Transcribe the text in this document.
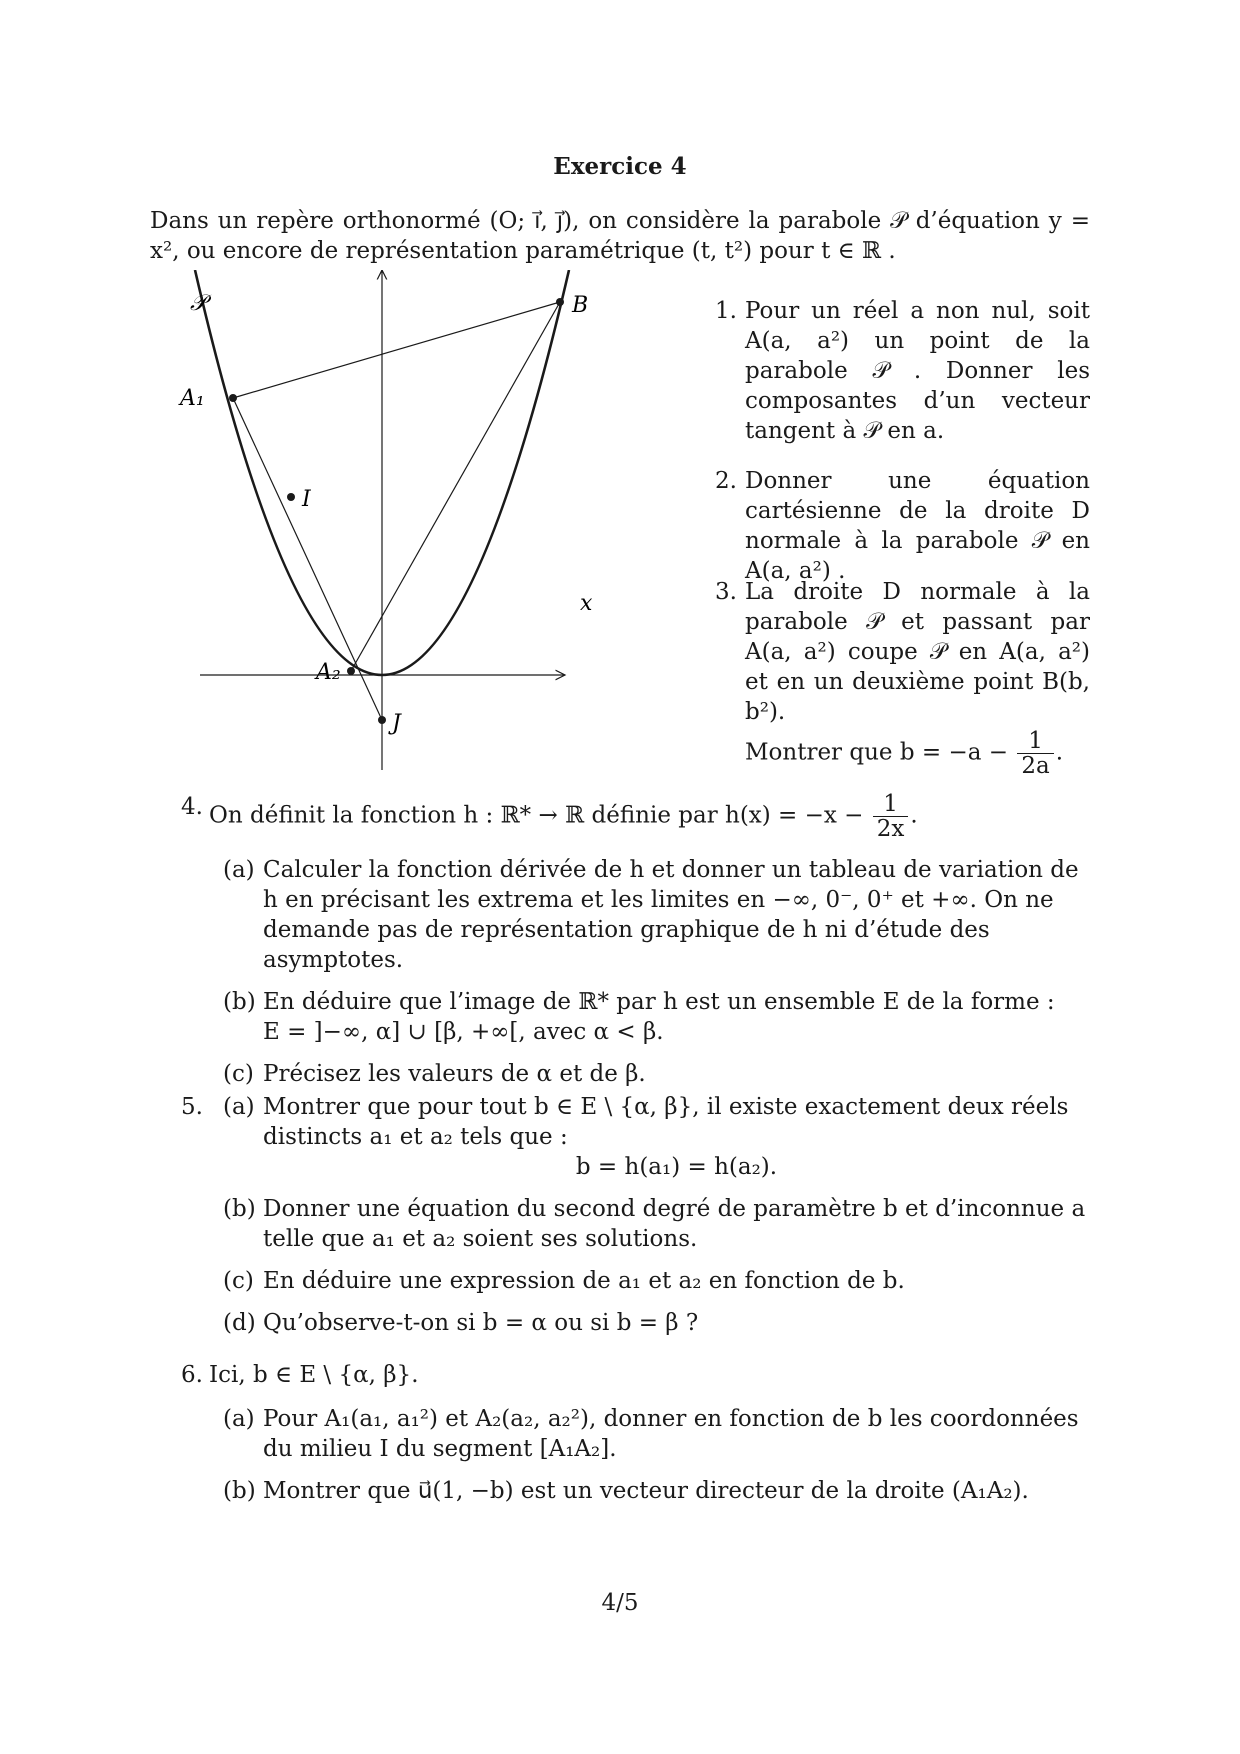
Exercice 4
Dans un repère orthonormé (O; i⃗, j⃗), on considère la parabole 𝒫 d’équation y = x², ou encore de représentation paramétrique (t, t²) pour t ∈ ℝ .
x
𝒫
A₁
B
I
A₂
J
1. Pour un réel a non nul, soit A(a, a²) un point de la parabole 𝒫 . Donner les composantes d’un vecteur tangent à 𝒫 en a.
2. Donner une équation cartésienne de la droite D normale à la parabole 𝒫 en A(a, a²) .
3. La droite D normale à la parabole 𝒫 et passant par A(a, a²) coupe 𝒫 en A(a, a²) et en un deuxième point B(b, b²).
Montrer que $b = -a - \frac{1}{2a}$ .
4. On définit la fonction h : ℝ* → ℝ définie par $h(x) = -x - \frac{1}{2x}$ .
(a) Calculer la fonction dérivée de h et donner un tableau de variation de h en précisant les extrema et les limites en −∞, 0⁻, 0⁺ et +∞. On ne demande pas de représentation graphique de h ni d’étude des asymptotes.
(b) En déduire que l’image de ℝ* par h est un ensemble E de la forme :
E = ]−∞, α] ∪ [β, +∞[, avec α < β.
(c) Précisez les valeurs de α et de β.
5. (a) Montrer que pour tout b ∈ E \ {α, β}, il existe exactement deux réels distincts a₁ et a₂ tels que :
b = h(a₁) = h(a₂).
(b) Donner une équation du second degré de paramètre b et d’inconnue a telle que a₁ et a₂ soient ses solutions.
(c) En déduire une expression de a₁ et a₂ en fonction de b.
(d) Qu’observe-t-on si b = α ou si b = β ?
6. Ici, b ∈ E \ {α, β}.
(a) Pour A₁(a₁, a₁²) et A₂(a₂, a₂²), donner en fonction de b les coordonnées du milieu I du segment [A₁A₂].
(b) Montrer que u⃗(1, −b) est un vecteur directeur de la droite (A₁A₂).
4/5
